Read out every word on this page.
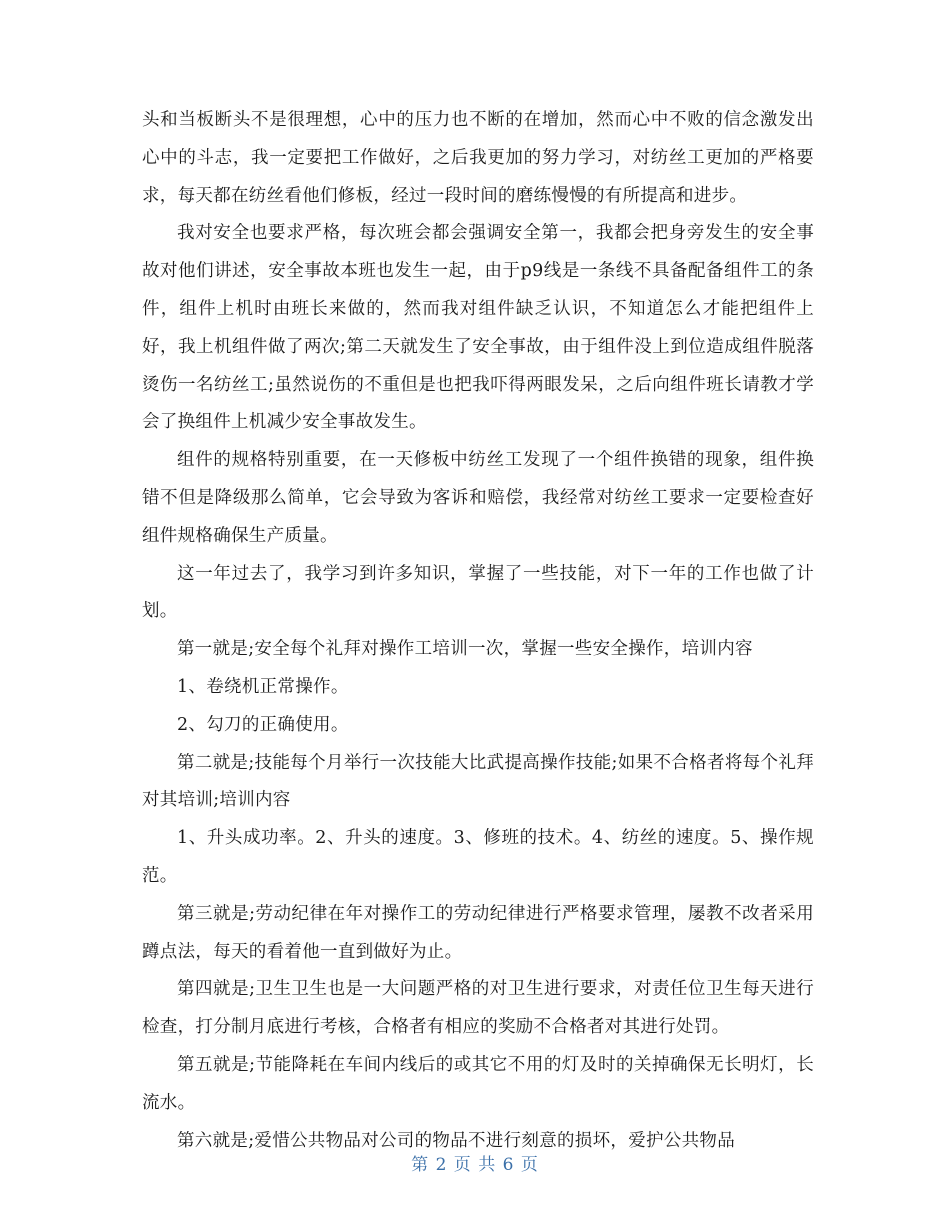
头和当板断头不是很理想，心中的压力也不断的在增加，然而心中不败的信念激发出心中的斗志，我一定要把工作做好，之后我更加的努力学习，对纺丝工更加的严格要求，每天都在纺丝看他们修板，经过一段时间的磨练慢慢的有所提高和进步。

我对安全也要求严格，每次班会都会强调安全第一，我都会把身旁发生的安全事故对他们讲述，安全事故本班也发生一起，由于p9线是一条线不具备配备组件工的条件，组件上机时由班长来做的，然而我对组件缺乏认识，不知道怎么才能把组件上好，我上机组件做了两次;第二天就发生了安全事故，由于组件没上到位造成组件脱落烫伤一名纺丝工;虽然说伤的不重但是也把我吓得两眼发呆，之后向组件班长请教才学会了换组件上机减少安全事故发生。

组件的规格特别重要，在一天修板中纺丝工发现了一个组件换错的现象，组件换错不但是降级那么简单，它会导致为客诉和赔偿，我经常对纺丝工要求一定要检查好组件规格确保生产质量。

这一年过去了，我学习到许多知识，掌握了一些技能，对下一年的工作也做了计划。

第一就是;安全每个礼拜对操作工培训一次，掌握一些安全操作，培训内容

1、卷绕机正常操作。

2、勾刀的正确使用。

第二就是;技能每个月举行一次技能大比武提高操作技能;如果不合格者将每个礼拜对其培训;培训内容

1、升头成功率。2、升头的速度。3、修班的技术。4、纺丝的速度。5、操作规范。

第三就是;劳动纪律在年对操作工的劳动纪律进行严格要求管理，屡教不改者采用蹲点法，每天的看着他一直到做好为止。

第四就是;卫生卫生也是一大问题严格的对卫生进行要求，对责任位卫生每天进行检查，打分制月底进行考核，合格者有相应的奖励不合格者对其进行处罚。

第五就是;节能降耗在车间内线后的或其它不用的灯及时的关掉确保无长明灯，长流水。

第六就是;爱惜公共物品对公司的物品不进行刻意的损坏，爱护公共物品

第 2 页 共 6 页
